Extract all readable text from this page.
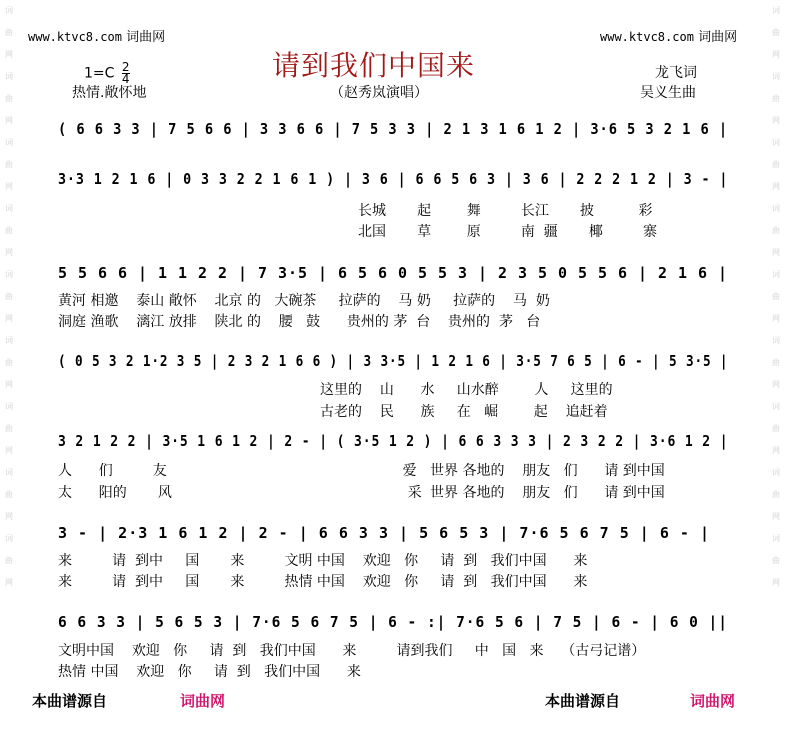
词
曲
网
词
曲
网
词
曲
网
词
曲
网
词
曲
网
词
曲
网
词
曲
网
词
曲
网
词
曲
网
词
曲
网
词
曲
网
词
曲
网
词
曲
网
词
曲
网
词
曲
网
词
曲
网
词
曲
网
词
曲
网
www.ktvc8.com 词曲网	www.ktvc8.com 词曲网
请到我们中国来
$1=C \frac{2}{4}$
热情.敞怀地	（赵秀岚演唱）
龙飞词
吴义生曲
( 6 6 3 3 | 7 5 6 6 | 3 3 6 6 | 7 5 3 3 | 2 1 3 1 6 1 2 | 3·6 5 3 2 1 6 |
3·3 1 2 1 6 | 0 3 3 2 2 1 6 1 ) | 3 6 | 6 6 5 6 3 | 3 6 | 2 2 2 1 2 | 3 - |
长城 起	舞	长江 披	彩
北国 草	原	南 疆 椰	寨
5 5 6 6 | 1 1 2 2 | 7 3·5 | 6 5 6 0 5 5 3 | 2 3 5 0 5 5 6 | 2 1 6 |
黄河 相邀 泰山 敞怀 北京 的 大碗茶 拉萨的 马 奶 拉萨的 马 奶
洞庭 渔歌 漓江 放排 陕北 的 腰 鼓 贵州的 茅 台 贵州的 茅 台
( 0 5 3 2 1·2 3 5 | 2 3 2 1 6 6 ) | 3 3·5 | 1 2 1 6 | 3·5 7 6 5 | 6 - | 5 3·5 |
这里的 山 水 山水醉	人 这里的
古老的 民 族 在 崛	起 追赶着
3 2 1 2 2 | 3·5 1 6 1 2 | 2 - | ( 3·5 1 2 ) | 6 6 3 3 3 | 2 3 2 2 | 3·6 1 2 |
人 们	友	爱 世界 各地的 朋友 们 请 到中国
太 阳的 风	采 世界 各地的 朋友 们 请 到中国
3 - | 2·3 1 6 1 2 | 2 - | 6 6 3 3 | 5 6 5 3 | 7·6 5 6 7 5 | 6 - |
来	请 到中 国 来	文明 中国 欢迎 你 请 到 我们中国 来
来	请 到中 国 来	热情 中国 欢迎 你 请 到 我们中国 来
6 6 3 3 | 5 6 5 3 | 7·6 5 6 7 5 | 6 - :| 7·6 5 6 | 7 5 | 6 - | 6 0 ||
文明中国 欢迎 你 请 到 我们中国 来	请到我们 中 国 来 （古弓记谱）
热情 中国 欢迎 你 请 到 我们中国 来
本曲谱源自	词曲网	本曲谱源自	词曲网
